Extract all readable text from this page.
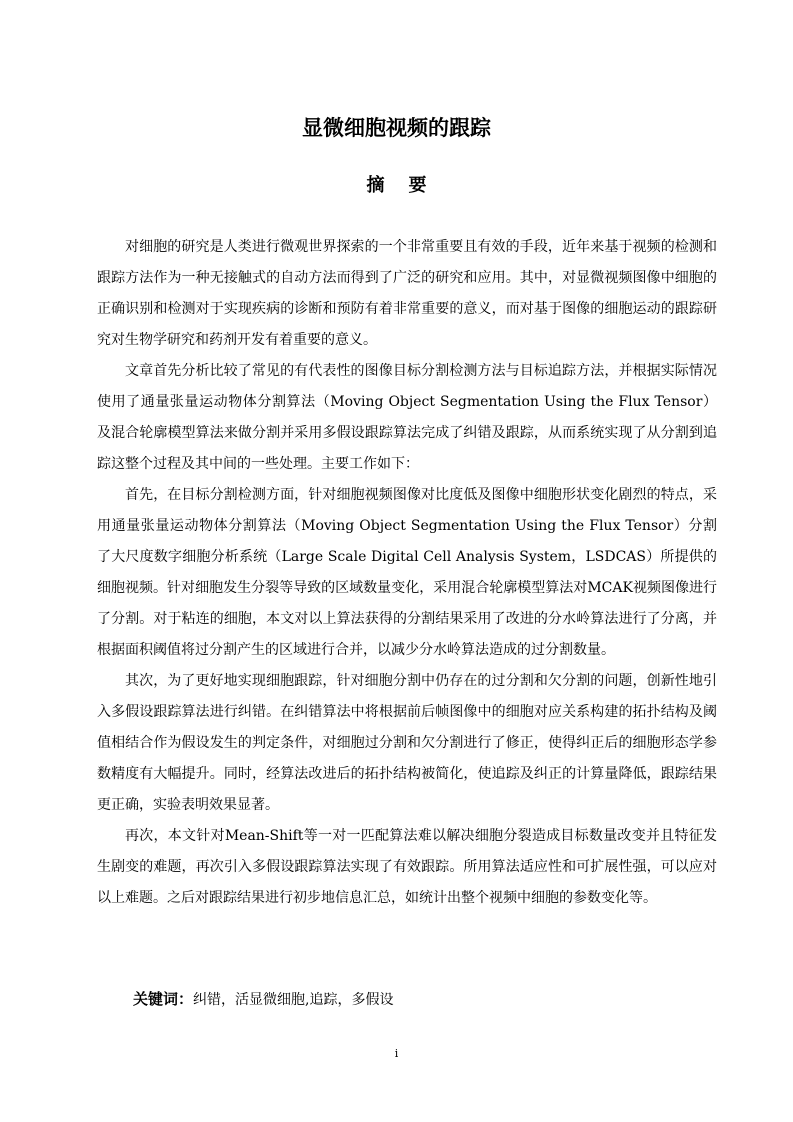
显微细胞视频的跟踪
摘要

对细胞的研究是人类进行微观世界探索的一个非常重要且有效的手段，近年来基于视频的检测和跟踪方法作为一种无接触式的自动方法而得到了广泛的研究和应用。其中，对显微视频图像中细胞的正确识别和检测对于实现疾病的诊断和预防有着非常重要的意义，而对基于图像的细胞运动的跟踪研究对生物学研究和药剂开发有着重要的意义。

文章首先分析比较了常见的有代表性的图像目标分割检测方法与目标追踪方法，并根据实际情况使用了通量张量运动物体分割算法（Moving Object Segmentation Using the Flux Tensor）及混合轮廓模型算法来做分割并采用多假设跟踪算法完成了纠错及跟踪，从而系统实现了从分割到追踪这整个过程及其中间的一些处理。主要工作如下：

首先，在目标分割检测方面，针对细胞视频图像对比度低及图像中细胞形状变化剧烈的特点，采用通量张量运动物体分割算法（Moving Object Segmentation Using the Flux Tensor）分割了大尺度数字细胞分析系统（Large Scale Digital Cell Analysis System，LSDCAS）所提供的细胞视频。针对细胞发生分裂等导致的区域数量变化，采用混合轮廓模型算法对MCAK视频图像进行了分割。对于粘连的细胞，本文对以上算法获得的分割结果采用了改进的分水岭算法进行了分离，并根据面积阈值将过分割产生的区域进行合并，以减少分水岭算法造成的过分割数量。

其次，为了更好地实现细胞跟踪，针对细胞分割中仍存在的过分割和欠分割的问题，创新性地引入多假设跟踪算法进行纠错。在纠错算法中将根据前后帧图像中的细胞对应关系构建的拓扑结构及阈值相结合作为假设发生的判定条件，对细胞过分割和欠分割进行了修正，使得纠正后的细胞形态学参数精度有大幅提升。同时，经算法改进后的拓扑结构被简化，使追踪及纠正的计算量降低，跟踪结果更正确，实验表明效果显著。

再次，本文针对Mean-Shift等一对一匹配算法难以解决细胞分裂造成目标数量改变并且特征发生剧变的难题，再次引入多假设跟踪算法实现了有效跟踪。所用算法适应性和可扩展性强，可以应对以上难题。之后对跟踪结果进行初步地信息汇总，如统计出整个视频中细胞的参数变化等。

关键词：纠错，活显微细胞,追踪，多假设
i
